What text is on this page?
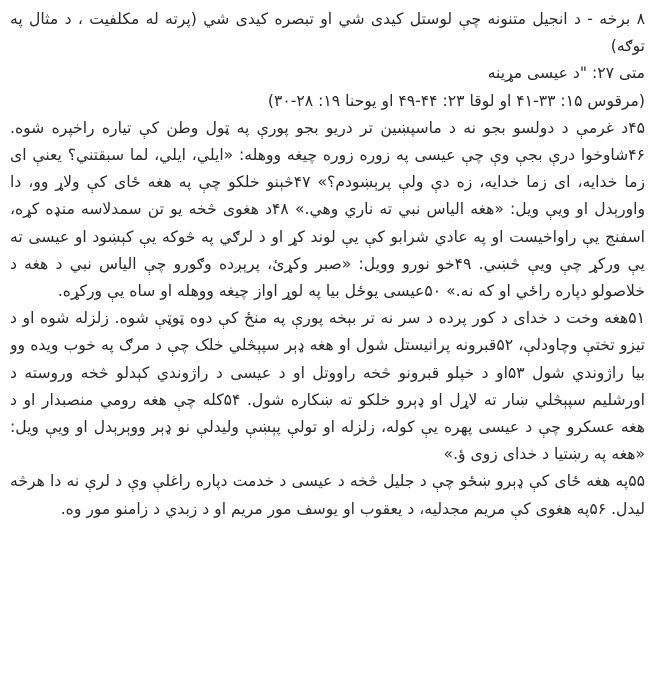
۸ برخه - د انجیل متنونه چې لوستل کیدی شي او تبصره کیدی شي (پرته له مکلفیت ، د مثال په توګه)

متی ۲۷: "د عیسی مړینه

(مرقوس ۱۵: ۳۳-۴۱ او لوقا ۲۳: ۴۴-۴۹ او یوحنا ۱۹: ۲۸-۳۰)

۴۵د غرمې د دولسو بجو نه د ماسپښین تر دریو بجو پورې په ټول وطن کې تیاره راخپره شوه. ۴۶شاوخوا درې بجې وې چې عیسی په زوره زوره چیغه ووهله: «ایلي، ایلي، لما سبقتني؟ یعنې ای زما خدایه، ای زما خدایه، زه دې ولې پرېښودم؟» ۴۷څېنو خلکو چې په هغه ځای کې ولاړ وو، دا واورېدل او ویې ویل: «هغه الیاس نبي ته ناري وهي.» ۴۸د هغوی څخه یو تن سمدلاسه منډه کړه، اسفنج یې راواخیست او په عادي شرابو کې یې لوند کړ او د لرګي په څوکه یې کېښود او عیسی ته یې ورکړ چې ویې څښي. ۴۹خو نورو وویل: «صبر وکړئ، پرېږده وګورو چې الیاس نبي د هغه د خلاصولو دپاره راځي او که نه.» ۵۰عیسی یوځل بیا په لوړ اواز چیغه ووهله او ساه یې ورکړه.

۵۱هغه وخت د خدای د کور پرده د سر نه تر بېخه پورې په منځ کې دوه ټوټې شوه. زلزله شوه او د تیزو تختې وچاودلې، ۵۲قبرونه پرانیستل شول او هغه ډېر سپېڅلي خلک چې د مرګ په خوب ویده وو بیا راژوندي شول ۵۳او د خپلو قبرونو څخه راووتل او د عیسی د راژوندي کېدلو څخه وروسته د اورشلیم سپېڅلي ښار ته لاړل او ډېرو خلکو ته ښکاره شول. ۵۴کله چې هغه رومي منصبدار او د هغه عسکرو چې د عیسی پهره یې کوله، زلزله او تولې پېښې ولیدلې نو ډېر ووېرېدل او ویې ویل: «هغه په رښتیا د خدای زوی ؤ.»

۵۵په هغه ځای کې ډېرو ښځو چې د جلیل څخه د عیسی د خدمت دپاره راغلې وې د لرې نه دا هرڅه لیدل. ۵۶په هغوی کې مریم مجدلیه، د یعقوب او یوسف مور مریم او د زبدي د زامنو مور وه.
